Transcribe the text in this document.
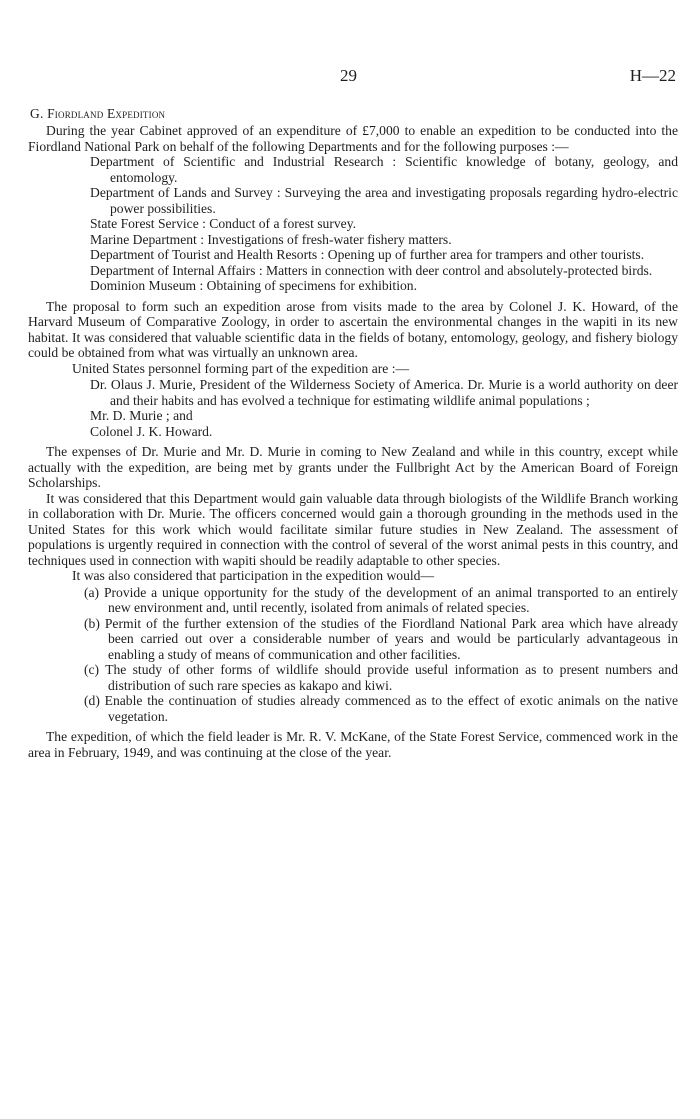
29	H—22
G. Fiordland Expedition

During the year Cabinet approved of an expenditure of £7,000 to enable an expedition to be conducted into the Fiordland National Park on behalf of the following Departments and for the following purposes :—

Department of Scientific and Industrial Research : Scientific knowledge of botany, geology, and entomology.
Department of Lands and Survey : Surveying the area and investigating proposals regarding hydro-electric power possibilities.
State Forest Service : Conduct of a forest survey.
Marine Department : Investigations of fresh-water fishery matters.
Department of Tourist and Health Resorts : Opening up of further area for trampers and other tourists.
Department of Internal Affairs : Matters in connection with deer control and absolutely-protected birds.
Dominion Museum : Obtaining of specimens for exhibition.

The proposal to form such an expedition arose from visits made to the area by Colonel J. K. Howard, of the Harvard Museum of Comparative Zoology, in order to ascertain the environmental changes in the wapiti in its new habitat. It was considered that valuable scientific data in the fields of botany, entomology, geology, and fishery biology could be obtained from what was virtually an unknown area.

United States personnel forming part of the expedition are :—

Dr. Olaus J. Murie, President of the Wilderness Society of America. Dr. Murie is a world authority on deer and their habits and has evolved a technique for estimating wildlife animal populations ;
Mr. D. Murie ; and
Colonel J. K. Howard.

The expenses of Dr. Murie and Mr. D. Murie in coming to New Zealand and while in this country, except while actually with the expedition, are being met by grants under the Fullbright Act by the American Board of Foreign Scholarships.

It was considered that this Department would gain valuable data through biologists of the Wildlife Branch working in collaboration with Dr. Murie. The officers concerned would gain a thorough grounding in the methods used in the United States for this work which would facilitate similar future studies in New Zealand. The assessment of populations is urgently required in connection with the control of several of the worst animal pests in this country, and techniques used in connection with wapiti should be readily adaptable to other species.

It was also considered that participation in the expedition would—

(a) Provide a unique opportunity for the study of the development of an animal transported to an entirely new environment and, until recently, isolated from animals of related species.
(b) Permit of the further extension of the studies of the Fiordland National Park area which have already been carried out over a considerable number of years and would be particularly advantageous in enabling a study of means of communication and other facilities.
(c) The study of other forms of wildlife should provide useful information as to present numbers and distribution of such rare species as kakapo and kiwi.
(d) Enable the continuation of studies already commenced as to the effect of exotic animals on the native vegetation.

The expedition, of which the field leader is Mr. R. V. McKane, of the State Forest Service, commenced work in the area in February, 1949, and was continuing at the close of the year.
